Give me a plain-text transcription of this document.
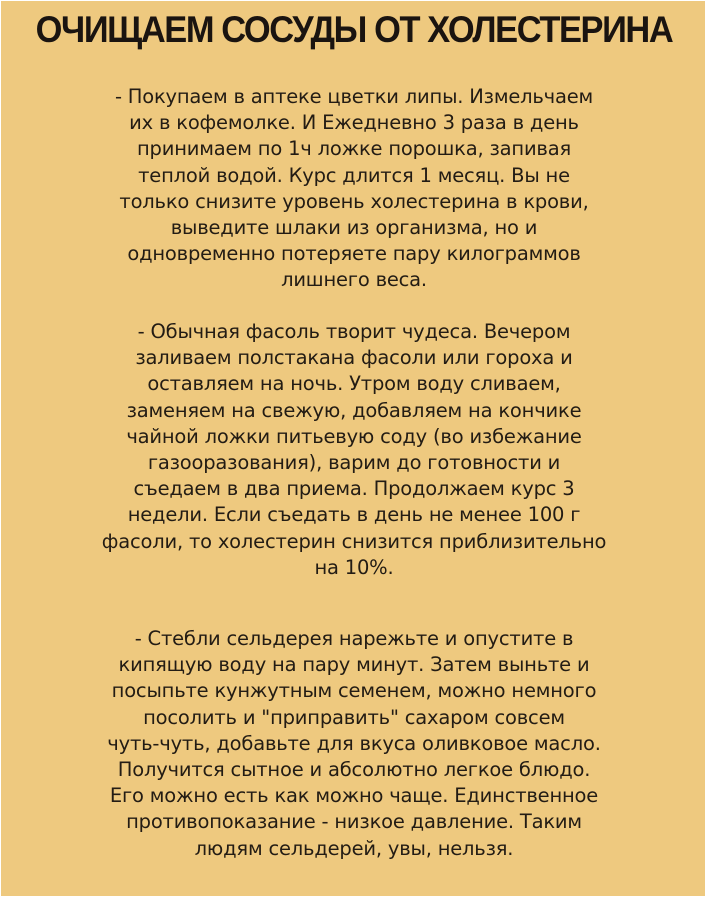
ОЧИЩАЕМ СОСУДЫ ОТ ХОЛЕСТЕРИНА
- Покупаем в аптеке цветки липы. Измельчаем
их в кофемолке. И Ежедневно 3 раза в день
принимаем по 1ч ложке порошка, запивая
теплой водой. Курс длится 1 месяц. Вы не
только снизите уровень холестерина в крови,
выведите шлаки из организма, но и
одновременно потеряете пару килограммов
лишнего веса.
- Обычная фасоль творит чудеса. Вечером
заливаем полстакана фасоли или гороха и
оставляем на ночь. Утром воду сливаем,
заменяем на свежую, добавляем на кончике
чайной ложки питьевую соду (во избежание
газооразования), варим до готовности и
съедаем в два приема. Продолжаем курс 3
недели. Если съедать в день не менее 100 г
фасоли, то холестерин снизится приблизительно
на 10%.
- Стебли сельдерея нарежьте и опустите в
кипящую воду на пару минут. Затем выньте и
посыпьте кунжутным семенем, можно немного
посолить и "приправить" сахаром совсем
чуть-чуть, добавьте для вкуса оливковое масло.
Получится сытное и абсолютно легкое блюдо.
Его можно есть как можно чаще. Единственное
противопоказание - низкое давление. Таким
людям сельдерей, увы, нельзя.
